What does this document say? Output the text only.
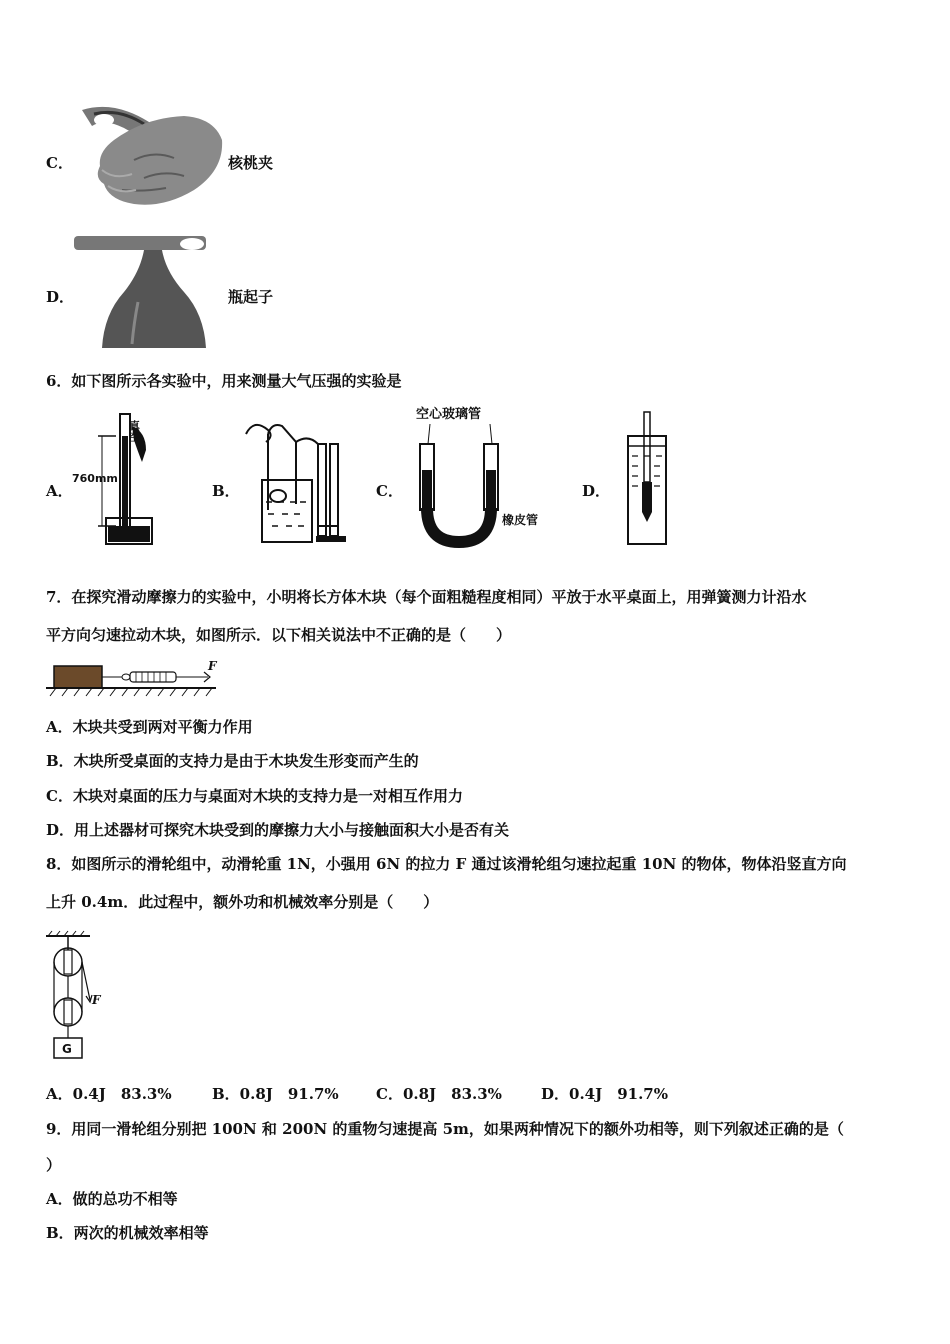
C．	核桃夹
D．	瓶起子
6．如下图所示各实验中，用来测量大气压强的实验是
A．
真空
760mm
B．	C．
空心玻璃管
橡皮管
D．
7．在探究滑动摩擦力的实验中，小明将长方体木块（每个面粗糙程度相同）平放于水平桌面上，用弹簧测力计沿水
平方向匀速拉动木块，如图所示．以下相关说法中不正确的是（　　）
F
A．木块共受到两对平衡力作用
B．木块所受桌面的支持力是由于木块发生形变而产生的
C．木块对桌面的压力与桌面对木块的支持力是一对相互作用力
D．用上述器材可探究木块受到的摩擦力大小与接触面积大小是否有关
8．如图所示的滑轮组中，动滑轮重 1N，小强用 6N 的拉力 F 通过该滑轮组匀速拉起重 10N 的物体，物体沿竖直方向
上升 0.4m．此过程中，额外功和机械效率分别是（　　）
F
G
A．0.4J　83.3%	B．0.8J　91.7% C．0.8J　83.3%	D．0.4J　91.7%
9．用同一滑轮组分别把 100N 和 200N 的重物匀速提高 5m，如果两种情况下的额外功相等，则下列叙述正确的是（
）
A．做的总功不相等
B．两次的机械效率相等
